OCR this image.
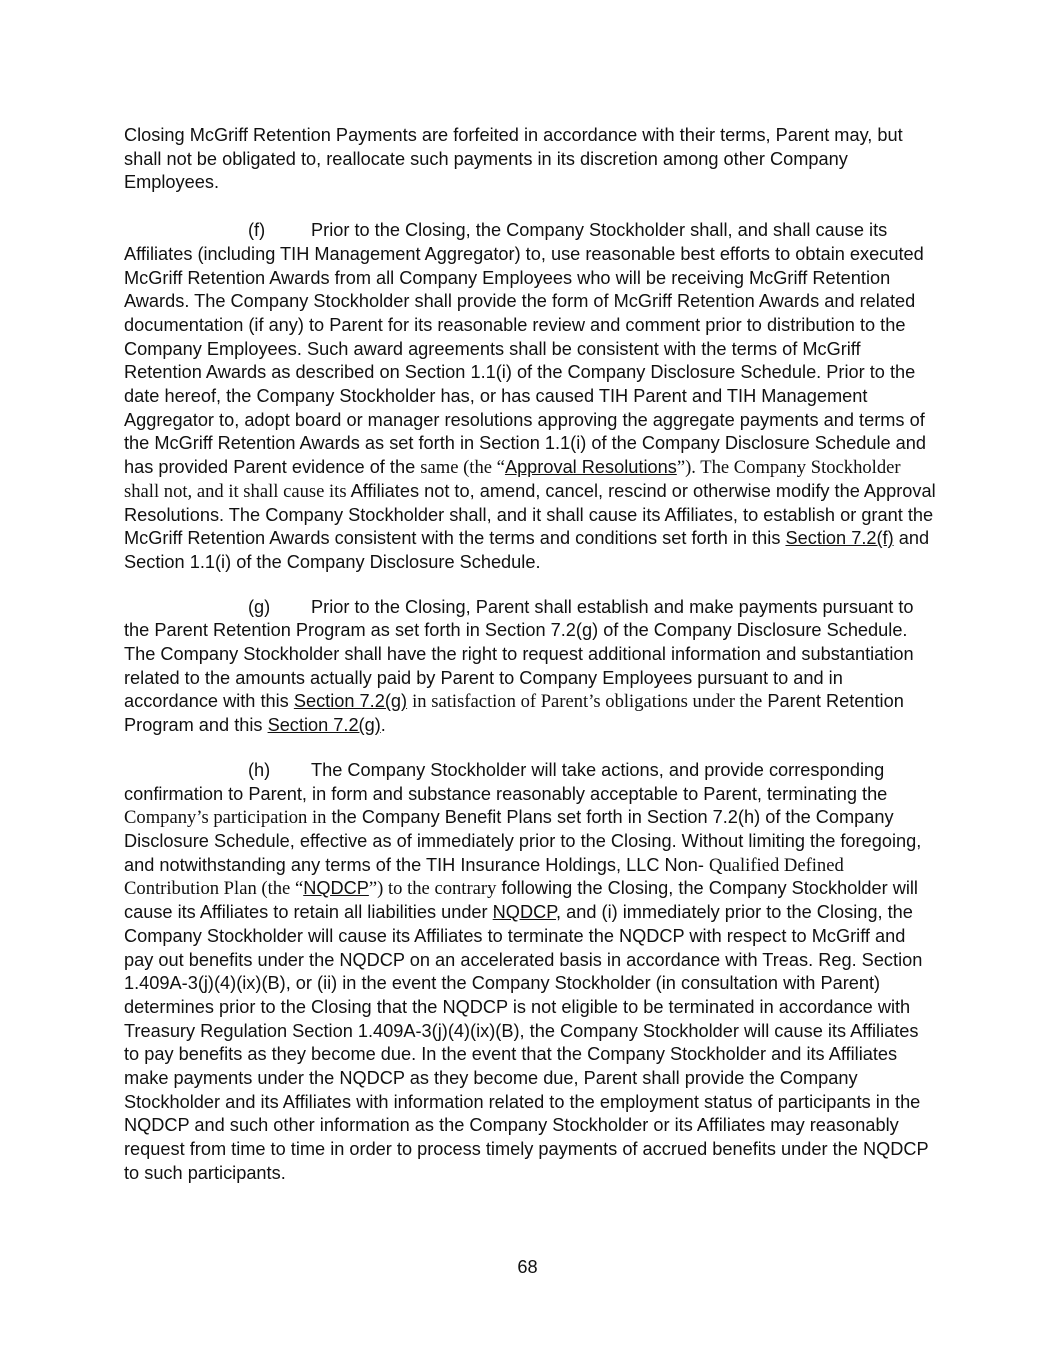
Closing McGriff Retention Payments are forfeited in accordance with their terms, Parent may, but shall not be obligated to, reallocate such payments in its discretion among other Company Employees.

(f)	Prior to the Closing, the Company Stockholder shall, and shall cause its Affiliates (including TIH Management Aggregator) to, use reasonable best efforts to obtain executed McGriff Retention Awards from all Company Employees who will be receiving McGriff Retention Awards. The Company Stockholder shall provide the form of McGriff Retention Awards and related documentation (if any) to Parent for its reasonable review and comment prior to distribution to the Company Employees. Such award agreements shall be consistent with the terms of McGriff Retention Awards as described on Section 1.1(i) of the Company Disclosure Schedule. Prior to the date hereof, the Company Stockholder has, or has caused TIH Parent and TIH Management Aggregator to, adopt board or manager resolutions approving the aggregate payments and terms of the McGriff Retention Awards as set forth in Section 1.1(i) of the Company Disclosure Schedule and has provided Parent evidence of the same (the “Approval Resolutions”). The Company Stockholder shall not, and it shall cause its Affiliates not to, amend, cancel, rescind or otherwise modify the Approval Resolutions. The Company Stockholder shall, and it shall cause its Affiliates, to establish or grant the McGriff Retention Awards consistent with the terms and conditions set forth in this Section 7.2(f) and Section 1.1(i) of the Company Disclosure Schedule.

(g) Prior to the Closing, Parent shall establish and make payments pursuant to the Parent Retention Program as set forth in Section 7.2(g) of the Company Disclosure Schedule. The Company Stockholder shall have the right to request additional information and substantiation related to the amounts actually paid by Parent to Company Employees pursuant to and in accordance with this Section 7.2(g) in satisfaction of Parent’s obligations under the Parent Retention Program and this Section 7.2(g).

(h) The Company Stockholder will take actions, and provide corresponding confirmation to Parent, in form and substance reasonably acceptable to Parent, terminating the Company’s participation in the Company Benefit Plans set forth in Section 7.2(h) of the Company Disclosure Schedule, effective as of immediately prior to the Closing. Without limiting the foregoing, and notwithstanding any terms of the TIH Insurance Holdings, LLC Non- Qualified Defined Contribution Plan (the “NQDCP”) to the contrary following the Closing, the Company Stockholder will cause its Affiliates to retain all liabilities under NQDCP, and (i) immediately prior to the Closing, the Company Stockholder will cause its Affiliates to terminate the NQDCP with respect to McGriff and pay out benefits under the NQDCP on an accelerated basis in accordance with Treas. Reg. Section 1.409A-3(j)(4)(ix)(B), or (ii) in the event the Company Stockholder (in consultation with Parent) determines prior to the Closing that the NQDCP is not eligible to be terminated in accordance with Treasury Regulation Section 1.409A-3(j)(4)(ix)(B), the Company Stockholder will cause its Affiliates to pay benefits as they become due. In the event that the Company Stockholder and its Affiliates make payments under the NQDCP as they become due, Parent shall provide the Company Stockholder and its Affiliates with information related to the employment status of participants in the NQDCP and such other information as the Company Stockholder or its Affiliates may reasonably request from time to time in order to process timely payments of accrued benefits under the NQDCP to such participants.

68
